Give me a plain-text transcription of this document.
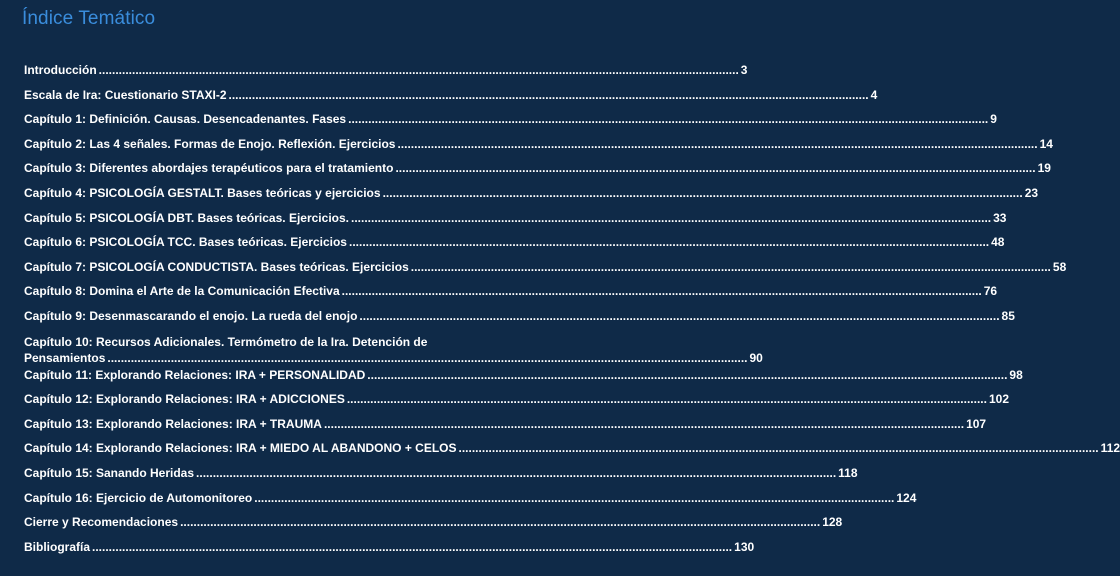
Índice Temático
Introducción .....	3
Escala de Ira: Cuestionario STAXI-2 .....	4
Capítulo 1: Definición. Causas. Desencadenantes. Fases .....	9
Capítulo 2: Las 4 señales. Formas de Enojo. Reflexión. Ejercicios .....	14
Capítulo 3: Diferentes abordajes terapéuticos para el tratamiento .....	19
Capítulo 4: PSICOLOGÍA GESTALT. Bases teóricas y ejercicios .....	23
Capítulo 5: PSICOLOGÍA DBT. Bases teóricas. Ejercicios. .....	33
Capítulo 6: PSICOLOGÍA TCC. Bases teóricas. Ejercicios .....	48
Capítulo 7: PSICOLOGÍA CONDUCTISTA. Bases teóricas. Ejercicios .....	58
Capítulo 8: Domina el Arte de la Comunicación Efectiva .....	76
Capítulo 9: Desenmascarando el enojo. La rueda del enojo .....	85
Capítulo 10: Recursos Adicionales. Termómetro de la Ira. Detención de
Pensamientos .....	90
Capítulo 11: Explorando Relaciones: IRA + PERSONALIDAD .....	98
Capítulo 12: Explorando Relaciones: IRA + ADICCIONES .....	102
Capítulo 13: Explorando Relaciones: IRA + TRAUMA .....	107
Capítulo 14: Explorando Relaciones: IRA + MIEDO AL ABANDONO + CELOS .....	112
Capítulo 15: Sanando Heridas .....	118
Capítulo 16: Ejercicio de Automonitoreo .....	124
Cierre y Recomendaciones .....	128
Bibliografía .....	130
